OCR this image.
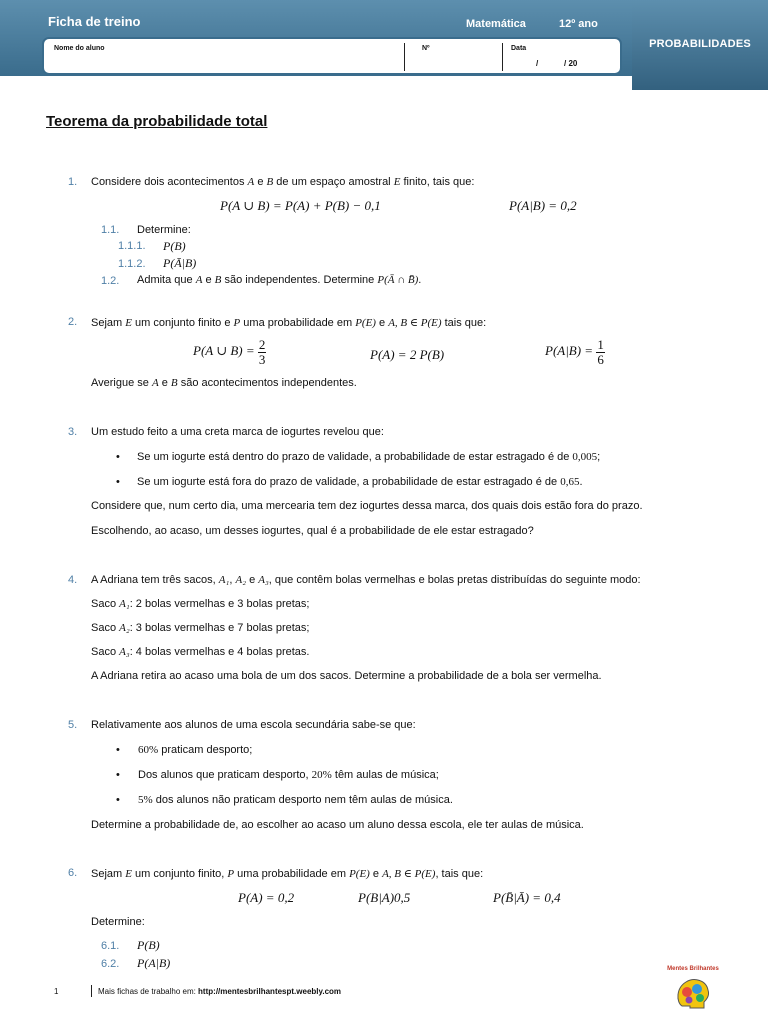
PROBABILIDADES
Ficha de treino	Matemática	12º ano
Nome do aluno	Nº	Data
/	/ 20
Teorema da probabilidade total
1. Considere dois acontecimentos A e B de um espaço amostral E finito, tais que:
P(A ∪ B) = P(A) + P(B) − 0,1	P(A|B) = 0,2
1.1. Determine:
1.1.1. P(B)
1.1.2. P(Ā|B)
1.2. Admita que A e B são independentes. Determine P(Ā ∩ B̄).
2. Sejam E um conjunto finito e P uma probabilidade em P(E) e A, B ∈ P(E) tais que:
P(A ∪ $B) = \frac{2}{3}$	P(A) = 2 P(B)	$P(A|B) = \frac{1}{6}$
Averigue se A e B são acontecimentos independentes.
3. Um estudo feito a uma creta marca de iogurtes revelou que:
• Se um iogurte está dentro do prazo de validade, a probabilidade de estar estragado é de 0,005;
• Se um iogurte está fora do prazo de validade, a probabilidade de estar estragado é de 0,65.
Considere que, num certo dia, uma mercearia tem dez iogurtes dessa marca, dos quais dois estão fora do prazo.
Escolhendo, ao acaso, um desses iogurtes, qual é a probabilidade de ele estar estragado?
4. A Adriana tem três sacos, A₁, A₂ e A₃, que contêm bolas vermelhas e bolas pretas distribuídas do seguinte modo:
Saco A₁: 2 bolas vermelhas e 3 bolas pretas;
Saco A₂: 3 bolas vermelhas e 7 bolas pretas;
Saco A₃: 4 bolas vermelhas e 4 bolas pretas.
A Adriana retira ao acaso uma bola de um dos sacos. Determine a probabilidade de a bola ser vermelha.
5. Relativamente aos alunos de uma escola secundária sabe-se que:
• 60% praticam desporto;
• Dos alunos que praticam desporto, 20% têm aulas de música;
• 5% dos alunos não praticam desporto nem têm aulas de música.
Determine a probabilidade de, ao escolher ao acaso um aluno dessa escola, ele ter aulas de música.
6. Sejam E um conjunto finito, P uma probabilidade em P(E) e A, B ∈ P(E), tais que:
P(A) = 0,2	P(B|A)0,5	P(B̄|Ā) = 0,4
Determine:
6.1. P(B)
6.2. P(A|B)
1	Mais fichas de trabalho em: http://mentesbrilhantespt.weebly.com
Mentes Brilhantes
